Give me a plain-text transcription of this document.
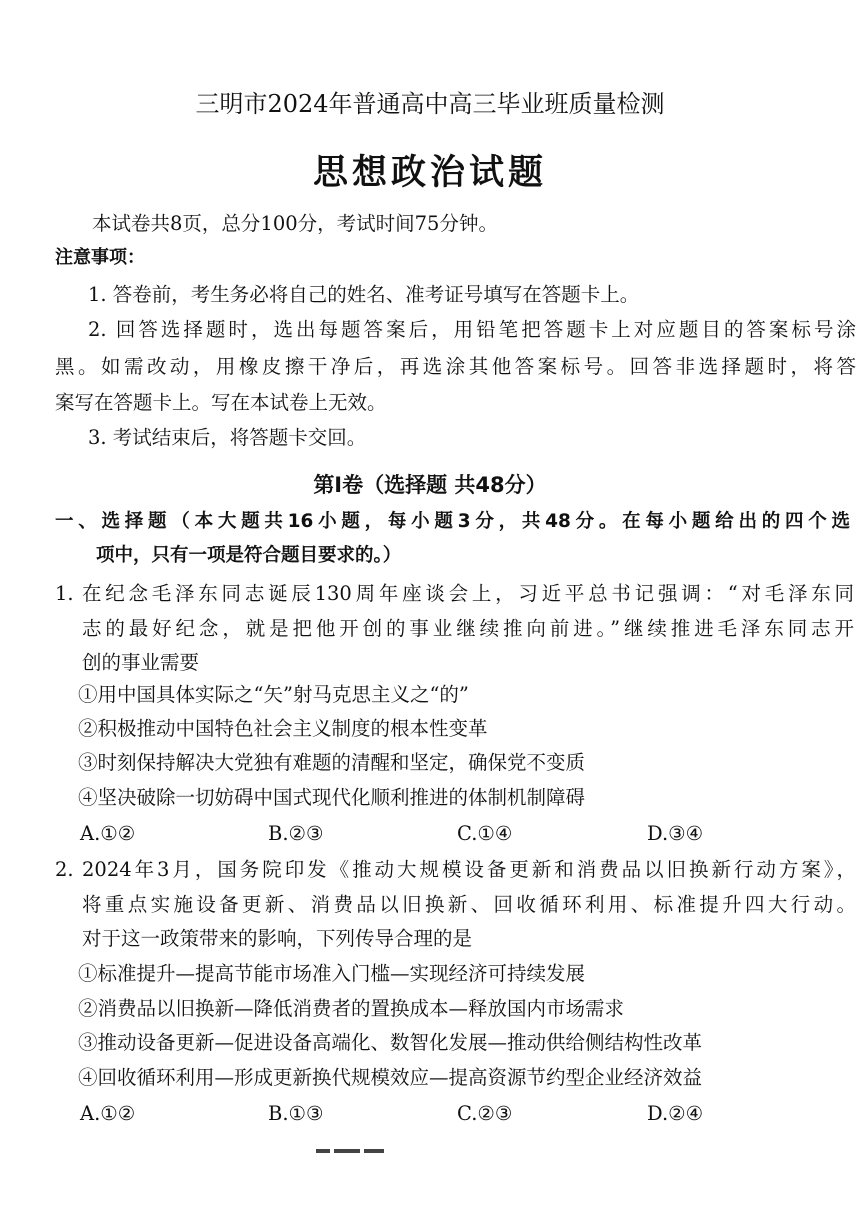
三明市2024年普通高中高三毕业班质量检测
思想政治试题
本试卷共8页，总分100分，考试时间75分钟。
注意事项：
1. 答卷前，考生务必将自己的姓名、准考证号填写在答题卡上。
2. 回答选择题时，选出每题答案后，用铅笔把答题卡上对应题目的答案标号涂
黑。如需改动，用橡皮擦干净后，再选涂其他答案标号。回答非选择题时，将答
案写在答题卡上。写在本试卷上无效。
3. 考试结束后，将答题卡交回。
第Ⅰ卷（选择题 共48分）
一、选择题（本大题共16小题，每小题3分，共48分。在每小题给出的四个选
项中，只有一项是符合题目要求的。）
1. 在纪念毛泽东同志诞辰130周年座谈会上，习近平总书记强调：“对毛泽东同
志的最好纪念，就是把他开创的事业继续推向前进。”继续推进毛泽东同志开
创的事业需要
①用中国具体实际之“矢”射马克思主义之“的”
②积极推动中国特色社会主义制度的根本性变革
③时刻保持解决大党独有难题的清醒和坚定，确保党不变质
④坚决破除一切妨碍中国式现代化顺利推进的体制机制障碍
A.①②	B.②③	C.①④	D.③④
2. 2024年3月，国务院印发《推动大规模设备更新和消费品以旧换新行动方案》，
将重点实施设备更新、消费品以旧换新、回收循环利用、标准提升四大行动。
对于这一政策带来的影响，下列传导合理的是
①标准提升—提高节能市场准入门槛—实现经济可持续发展
②消费品以旧换新—降低消费者的置换成本—释放国内市场需求
③推动设备更新—促进设备高端化、数智化发展—推动供给侧结构性改革
④回收循环利用—形成更新换代规模效应—提高资源节约型企业经济效益
A.①②	B.①③	C.②③	D.②④
